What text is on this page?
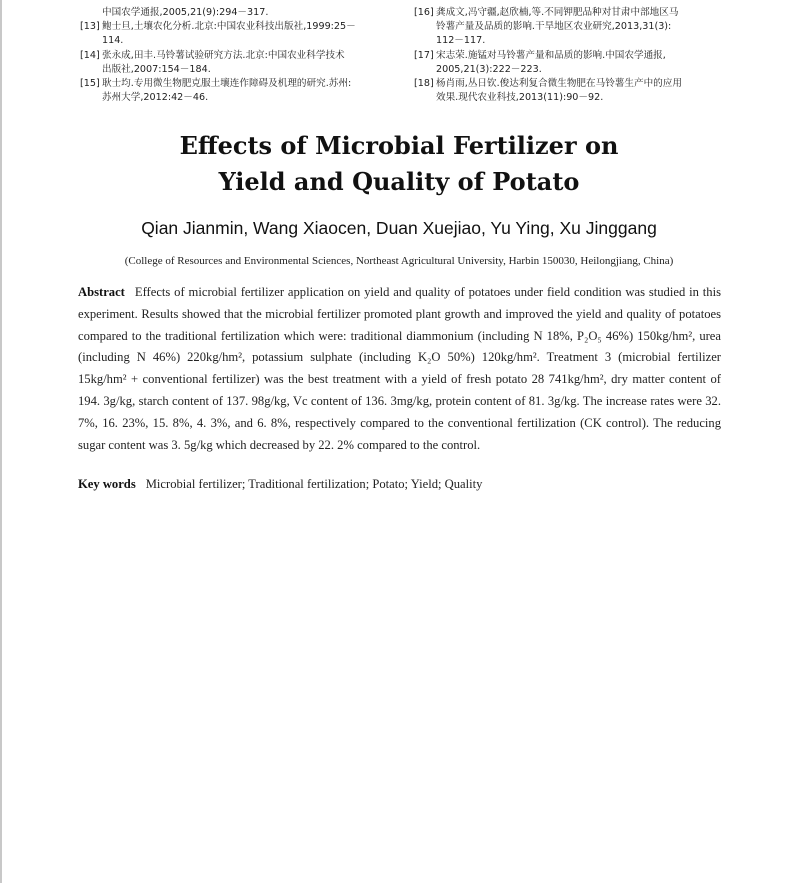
中国农学通报,2005,21(9):294－317.
[13] 鲍士旦,土壤农化分析.北京:中国农业科技出版社,1999:25－
114.
[14] 张永成,田丰.马铃薯试验研究方法.北京:中国农业科学技术
出版社,2007:154－184.
[15] 耿士均.专用微生物肥克服土壤连作障碍及机理的研究.苏州:
苏州大学,2012:42－46.
[16] 龚成文,冯守疆,赵欣楠,等.不同钾肥品种对甘肃中部地区马
铃薯产量及品质的影响.干旱地区农业研究,2013,31(3):
112－117.
[17] 宋志荣.施锰对马铃薯产量和品质的影响.中国农学通报,
2005,21(3):222－223.
[18] 杨肖雨,丛日钦.俊达利复合微生物肥在马铃薯生产中的应用
效果.现代农业科技,2013(11):90－92.
Effects of Microbial Fertilizer on
Yield and Quality of Potato
Qian Jianmin, Wang Xiaocen, Duan Xuejiao, Yu Ying, Xu Jinggang
(College of Resources and Environmental Sciences, Northeast Agricultural University, Harbin 150030, Heilongjiang, China)
Abstract Effects of microbial fertilizer application on yield and quality of potatoes under field condition was studied in this experiment. Results showed that the microbial fertilizer promoted plant growth and improved the yield and quality of potatoes compared to the traditional fertilization which were: traditional diammonium (including N 18%, P₂O₅ 46%) 150kg/hm², urea (including N 46%) 220kg/hm², potassium sulphate (including K₂O 50%) 120kg/hm². Treatment 3 (microbial fertilizer 15kg/hm² + conventional fertilizer) was the best treatment with a yield of fresh potato 28 741kg/hm², dry matter content of 194. 3g/kg, starch content of 137. 98g/kg, Vc content of 136. 3mg/kg, protein content of 81. 3g/kg. The increase rates were 32. 7%, 16. 23%, 15. 8%, 4. 3%, and 6. 8%, respectively compared to the conventional fertilization (CK control). The reducing sugar content was 3. 5g/kg which decreased by 22. 2% compared to the control.
Key words Microbial fertilizer; Traditional fertilization; Potato; Yield; Quality
